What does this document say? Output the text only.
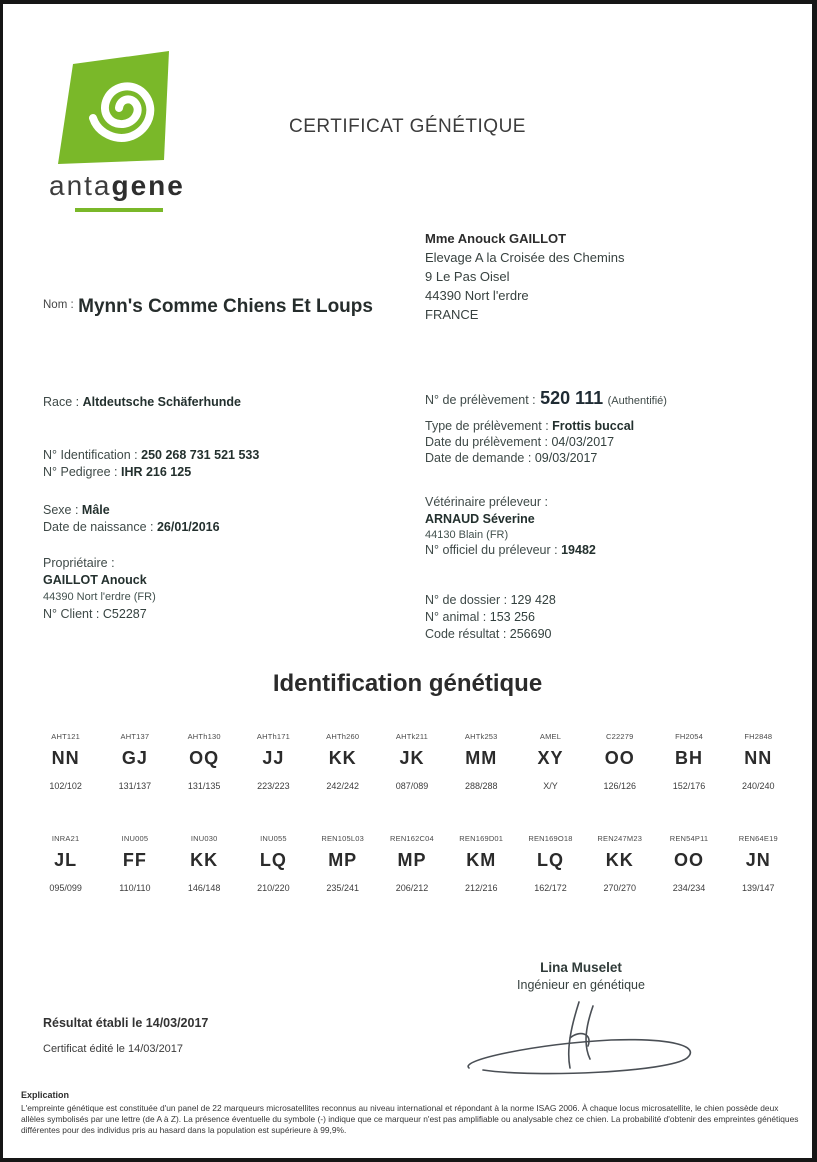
antagene
CERTIFICAT GÉNÉTIQUE
Mme Anouck GAILLOT
Elevage A la Croisée des Chemins
9 Le Pas Oisel
44390 Nort l'erdre
FRANCE
$^{Nom :}$ Mynn's Comme Chiens Et Loups
Race : Altdeutsche Schäferhunde
N° Identification : 250 268 731 521 533
N° Pedigree : IHR 216 125
Sexe : Mâle
Date de naissance : 26/01/2016
Propriétaire :
GAILLOT Anouck
44390 Nort l'erdre (FR)
N° Client : C52287
N° de prélèvement : 520 111 (Authentifié)
Type de prélèvement : Frottis buccal
Date du prélèvement : 04/03/2017
Date de demande : 09/03/2017
Vétérinaire préleveur :
ARNAUD Séverine
44130 Blain (FR)
N° officiel du préleveur : 19482
N° de dossier : 129 428
N° animal : 153 256
Code résultat : 256690
Identification génétique
AHT121
NN
102/102
AHT137
GJ
131/137
AHTh130
OQ
131/135
AHTh171
JJ
223/223
AHTh260
KK
242/242
AHTk211
JK
087/089
AHTk253
MM
288/288
AMEL
XY
X/Y
C22279
OO
126/126
FH2054
BH
152/176
FH2848
NN
240/240
INRA21
JL
095/099
INU005
FF
110/110
INU030
KK
146/148
INU055
LQ
210/220
REN105L03
MP
235/241
REN162C04
MP
206/212
REN169D01
KM
212/216
REN169O18
LQ
162/172
REN247M23
KK
270/270
REN54P11
OO
234/234
REN64E19
JN
139/147
Lina Muselet
Ingénieur en génétique
Résultat établi le 14/03/2017
Certificat édité le 14/03/2017
Explication
L'empreinte génétique est constituée d'un panel de 22 marqueurs microsatellites reconnus au niveau international et répondant à la norme ISAG 2006. À chaque locus microsatellite, le chien possède deux allèles symbolisés par une lettre (de A à Z). La présence éventuelle du symbole (-) indique que ce marqueur n'est pas amplifiable ou analysable chez ce chien. La probabilité d'obtenir des empreintes génétiques différentes pour des individus pris au hasard dans la population est supérieure à 99,9%.
